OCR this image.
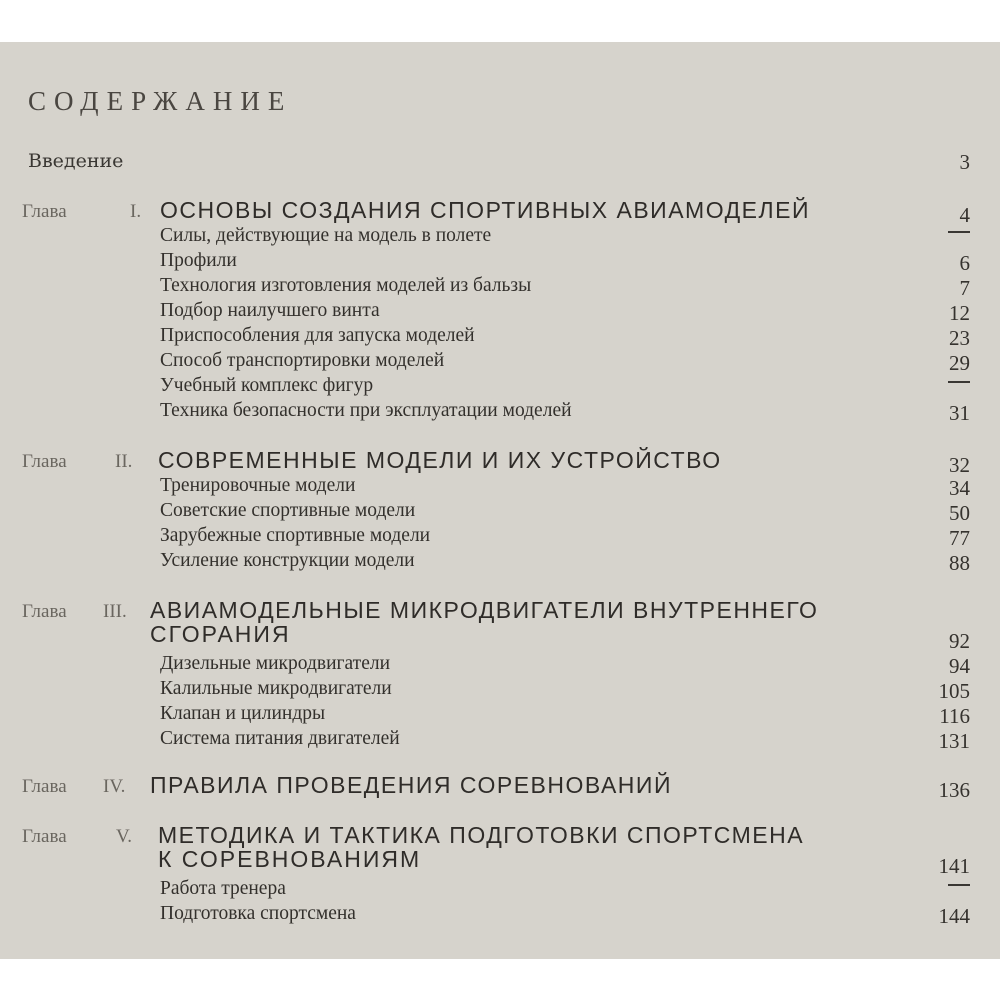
СОДЕРЖАНИЕ
Введение	3
Глава	I. ОСНОВЫ СОЗДАНИЯ СПОРТИВНЫХ АВИАМОДЕЛЕЙ	4
Силы, действующие на модель в полете
Профили	6
Технология изготовления моделей из бальзы	7
Подбор наилучшего винта	12
Приспособления для запуска моделей	23
Способ транспортировки моделей	29
Учебный комплекс фигур
Техника безопасности при эксплуатации моделей	31
Глава	II. СОВРЕМЕННЫЕ МОДЕЛИ И ИХ УСТРОЙСТВО	32
Тренировочные модели	34
Советские спортивные модели	50
Зарубежные спортивные модели	77
Усиление конструкции модели	88
Глава III. АВИАМОДЕЛЬНЫЕ МИКРОДВИГАТЕЛИ ВНУТРЕННЕГО
СГОРАНИЯ	92
Дизельные микродвигатели	94
Калильные микродвигатели	105
Клапан и цилиндры	116
Система питания двигателей	131
Глава IV. ПРАВИЛА ПРОВЕДЕНИЯ СОРЕВНОВАНИЙ	136
Глава	V. МЕТОДИКА И ТАКТИКА ПОДГОТОВКИ СПОРТСМЕНА
К СОРЕВНОВАНИЯМ	141
Работа тренера
Подготовка спортсмена	144
